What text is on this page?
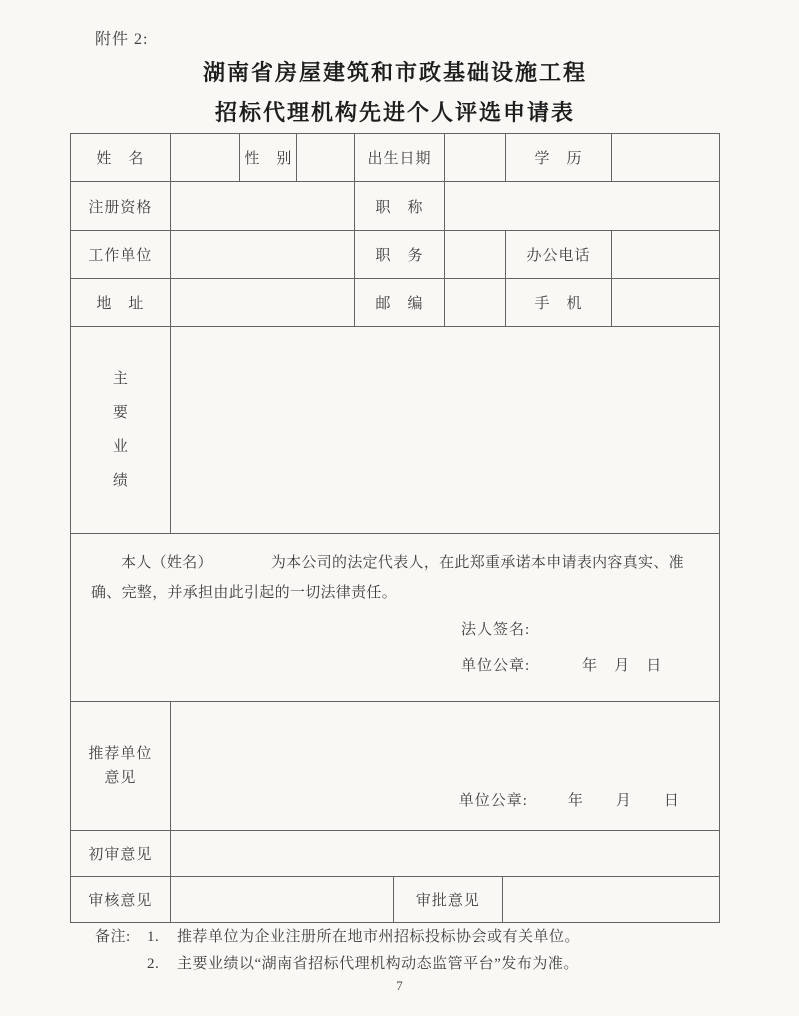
附件 2:
湖南省房屋建筑和市政基础设施工程
招标代理机构先进个人评选申请表
姓　名	性　别	出生日期	学　历
注册资格	职　称
工作单位	职　务	办公电话
地　址	邮　编	手　机
主要业绩

本人（姓名）	为本公司的法定代表人，在此郑重承诺本申请表内容真实、准确、完整，并承担由此引起的一切法律责任。

法人签名:
单位公章:	年 月 日
推荐单位意见
单位公章:	年 月 日
初审意见
审核意见	审批意见
备注:	1.	推荐单位为企业注册所在地市州招标投标协会或有关单位。
2.	主要业绩以“湖南省招标代理机构动态监管平台”发布为准。
7
